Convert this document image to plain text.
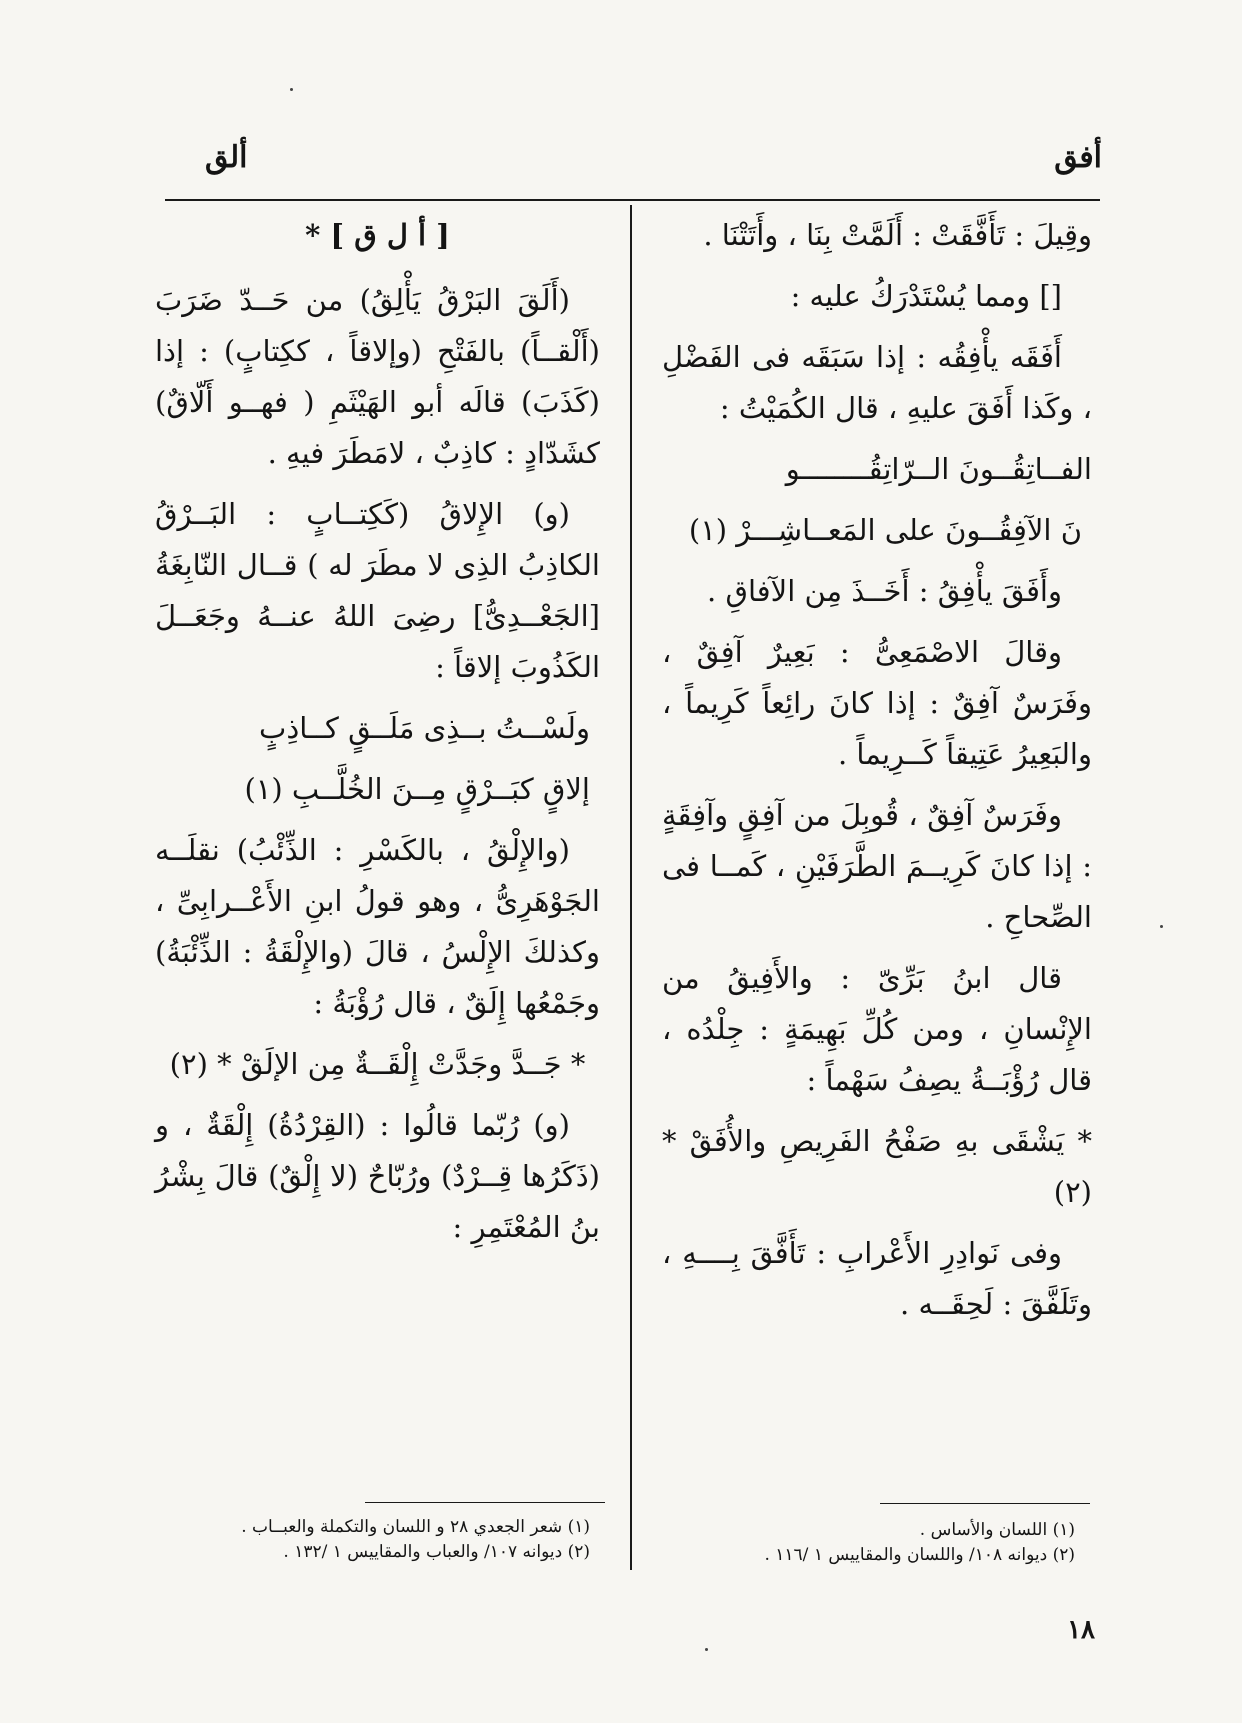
أفق
ألق

وقِيلَ : تَأَفَّقَتْ : أَلَمَّتْ بِنَا ، وأَتَتْنَا .

[] ومما يُسْتَدْرَكُ عليه :

أَفَقَه يأْفِقُه : إذا سَبَقَه فى الفَضْلِ ، وكَذا أَفَقَ عليهِ ، قال الكُمَيْتُ :

الفــاتِقُــونَ الــرّاتِقُــــــــو

نَ الآفِقُــونَ على المَعــاشِـــرْ (١)

وأَفَقَ يأْفِقُ : أَخَــذَ مِن الآفاقِ .

وقالَ الاصْمَعِىُّ : بَعِيرٌ آفِقٌ ، وفَرَسٌ آفِقٌ : إذا كانَ رائِعاً كَرِيماً ، والبَعِيرُ عَتِيقاً كَــرِيماً .

وفَرَسٌ آفِقٌ ، قُوبِلَ من آفِقٍ وآفِقَةٍ : إذا كانَ كَرِيــمَ الطَّرَفَيْنِ ، كَمــا فى الصِّحاحِ .

قال ابنُ بَرِّىّ : والأَفِيقُ من الإِنْسانِ ، ومن كُلِّ بَهِيمَةٍ : جِلْدُه ، قال رُؤْبَــةُ يصِفُ سَهْماً :

* يَشْقَى بهِ صَفْحُ الفَرِيصِ والأُفَقْ * (٢)

وفى نَوادِرِ الأَعْرابِ : تَأَفَّقَ بِــــهِ ، وتَلَفَّقَ : لَحِقَــه .

[ أ ل ق ] *

(أَلَقَ البَرْقُ يَأْلِقُ) من حَــدّ ضَرَبَ (أَلْقــاً) بالفَتْحِ (وإلاقاً ، ككِتابٍ) : إذا (كَذَبَ) قالَه أبو الهَيْثَمِ ( فهــو أَلّاقٌ) كشَدّادٍ : كاذِبٌ ، لامَطَرَ فيهِ .

(و) الإِلاقُ (كَكِتــابٍ : البَــرْقُ الكاذِبُ الذِى لا مطَرَ له ) قــال النّابِغَةُ [الجَعْــدِىُّ] رضِىَ اللهُ عنــهُ وجَعَــلَ الكَذُوبَ إلاقاً :

ولَسْــتُ بــذِى مَلَــقٍ كــاذِبٍ

إلاقٍ كبَــرْقٍ مِــنَ الخُلَّــبِ (١)

(والإِلْقُ ، بالكَسْرِ : الذِّئْبُ) نقلَــه الجَوْهَرِىُّ ، وهو قولُ ابنِ الأَعْــرابِىِّ ، وكذلكَ الإِلْسُ ، قالَ (والإِلْقَةُ : الذِّئْبَةُ) وجَمْعُها إِلَقٌ ، قال رُؤْبَةُ :

* جَــدَّ وجَدَّتْ إِلْقَــةٌ مِن الإلَقْ * (٢)

(و) رُبّما قالُوا : (القِرْدُةُ) إِلْقَةٌ ، و (ذَكَرُها قِــرْدٌ) ورُبّاحٌ (لا إِلْقٌ) قالَ بِشْرُ بنُ المُعْتَمِرِ :

(١) اللسان والأساس .
(٢) ديوانه ١٠٨/ واللسان والمقاييس ١ /١١٦ .
(١) شعر الجعدي ٢٨ و اللسان والتكملة والعبــاب .
(٢) ديوانه ١٠٧/ والعباب والمقاييس ١ /١٣٢ .
١٨
